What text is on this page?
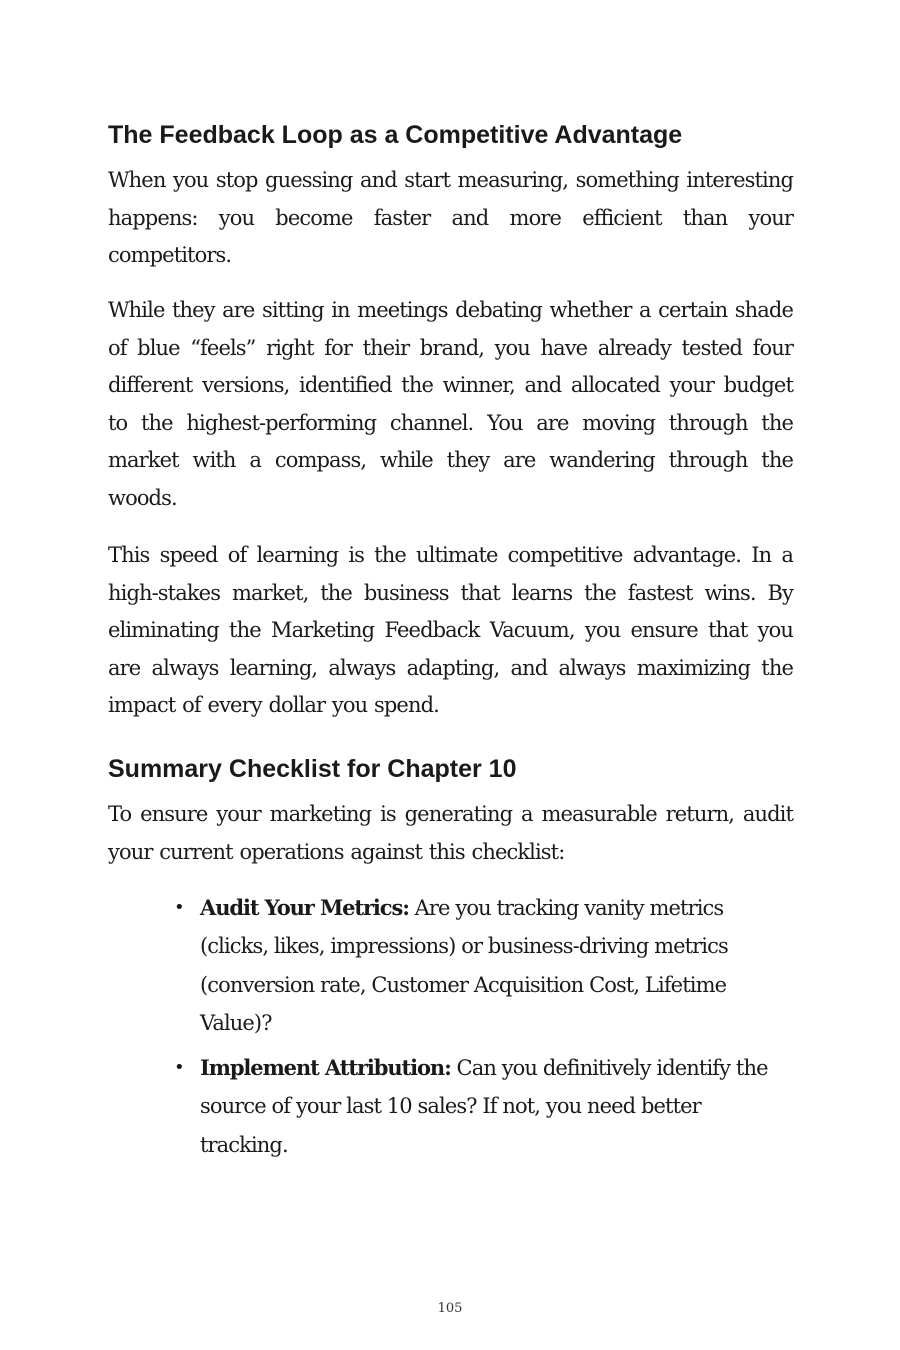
The Feedback Loop as a Competitive Advantage

When you stop guessing and start measuring, something interesting happens: you become faster and more efficient than your competitors.

While they are sitting in meetings debating whether a certain shade of blue “feels” right for their brand, you have already tested four different versions, identified the winner, and allocated your budget to the highest-performing channel. You are moving through the market with a compass, while they are wandering through the woods.

This speed of learning is the ultimate competitive advantage. In a high-stakes market, the business that learns the fastest wins. By eliminating the Marketing Feedback Vacuum, you ensure that you are always learning, always adapting, and always maximizing the impact of every dollar you spend.

Summary Checklist for Chapter 10

To ensure your marketing is generating a measurable return, audit your current operations against this checklist:

• Audit Your Metrics: Are you tracking vanity metrics (clicks, likes, impressions) or business-driving metrics (conversion rate, Customer Acquisition Cost, Lifetime Value)?
• Implement Attribution: Can you definitively identify the source of your last 10 sales? If not, you need better tracking.
105
